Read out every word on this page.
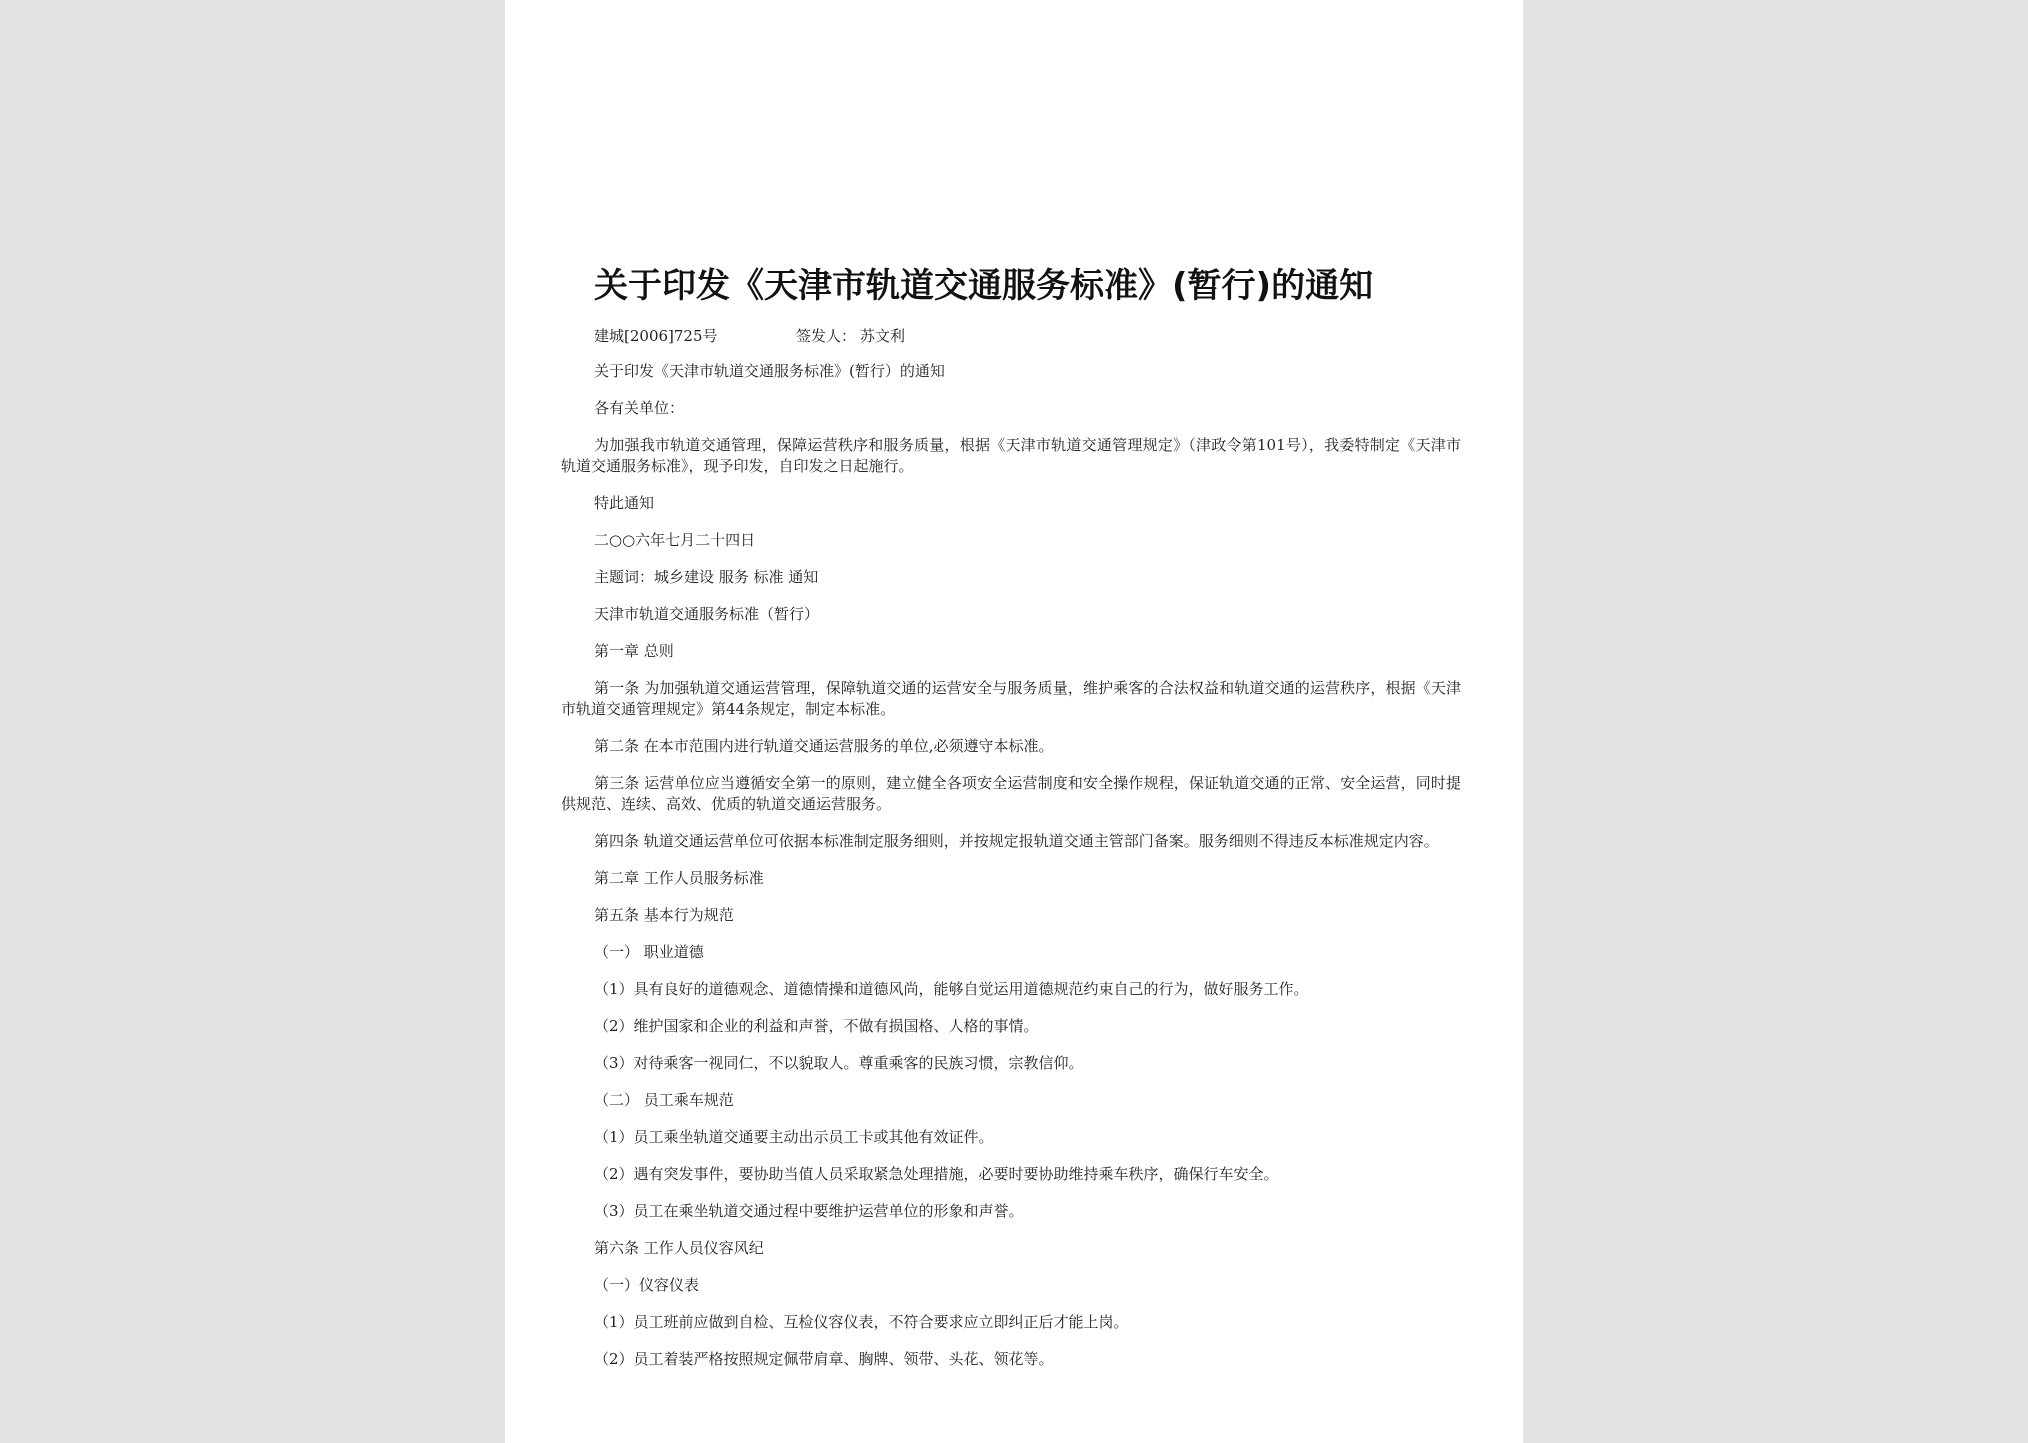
关于印发《天津市轨道交通服务标准》(暂行)的通知
建城[2006]725号	签发人： 苏文利

关于印发《天津市轨道交通服务标准》(暂行）的通知

各有关单位：

为加强我市轨道交通管理，保障运营秩序和服务质量，根据《天津市轨道交通管理规定》（津政令第101号），我委特制定《天津市轨道交通服务标准》，现予印发，自印发之日起施行。

特此通知

二○○六年七月二十四日

主题词：城乡建设 服务 标准 通知

天津市轨道交通服务标准（暂行）

第一章 总则

第一条 为加强轨道交通运营管理，保障轨道交通的运营安全与服务质量，维护乘客的合法权益和轨道交通的运营秩序，根据《天津市轨道交通管理规定》第44条规定，制定本标准。

第二条 在本市范围内进行轨道交通运营服务的单位,必须遵守本标准。

第三条 运营单位应当遵循安全第一的原则，建立健全各项安全运营制度和安全操作规程，保证轨道交通的正常、安全运营，同时提供规范、连续、高效、优质的轨道交通运营服务。

第四条 轨道交通运营单位可依据本标准制定服务细则，并按规定报轨道交通主管部门备案。服务细则不得违反本标准规定内容。

第二章 工作人员服务标准

第五条 基本行为规范

（一） 职业道德

（1）具有良好的道德观念、道德情操和道德风尚，能够自觉运用道德规范约束自己的行为，做好服务工作。

（2）维护国家和企业的利益和声誉，不做有损国格、人格的事情。

（3）对待乘客一视同仁，不以貌取人。尊重乘客的民族习惯，宗教信仰。

（二） 员工乘车规范

（1）员工乘坐轨道交通要主动出示员工卡或其他有效证件。

（2）遇有突发事件，要协助当值人员采取紧急处理措施，必要时要协助维持乘车秩序，确保行车安全。

（3）员工在乘坐轨道交通过程中要维护运营单位的形象和声誉。

第六条 工作人员仪容风纪

（一）仪容仪表

（1）员工班前应做到自检、互检仪容仪表，不符合要求应立即纠正后才能上岗。

（2）员工着装严格按照规定佩带肩章、胸牌、领带、头花、领花等。
